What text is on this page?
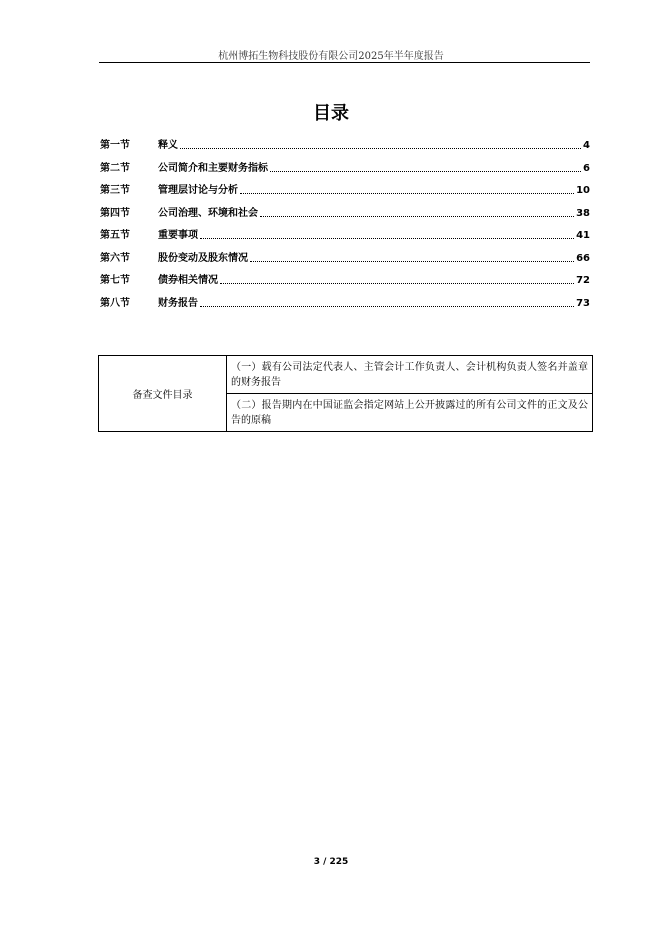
杭州博拓生物科技股份有限公司2025年半年度报告
目录
第一节	释义	4
第二节	公司简介和主要财务指标	6
第三节	管理层讨论与分析	10
第四节	公司治理、环境和社会	38
第五节	重要事项	41
第六节	股份变动及股东情况	66
第七节	债券相关情况	72
第八节	财务报告	73
备查文件目录	（一）载有公司法定代表人、主管会计工作负责人、会计机构负责人签名并盖章的财务报告
（二）报告期内在中国证监会指定网站上公开披露过的所有公司文件的正文及公告的原稿
3 / 225
